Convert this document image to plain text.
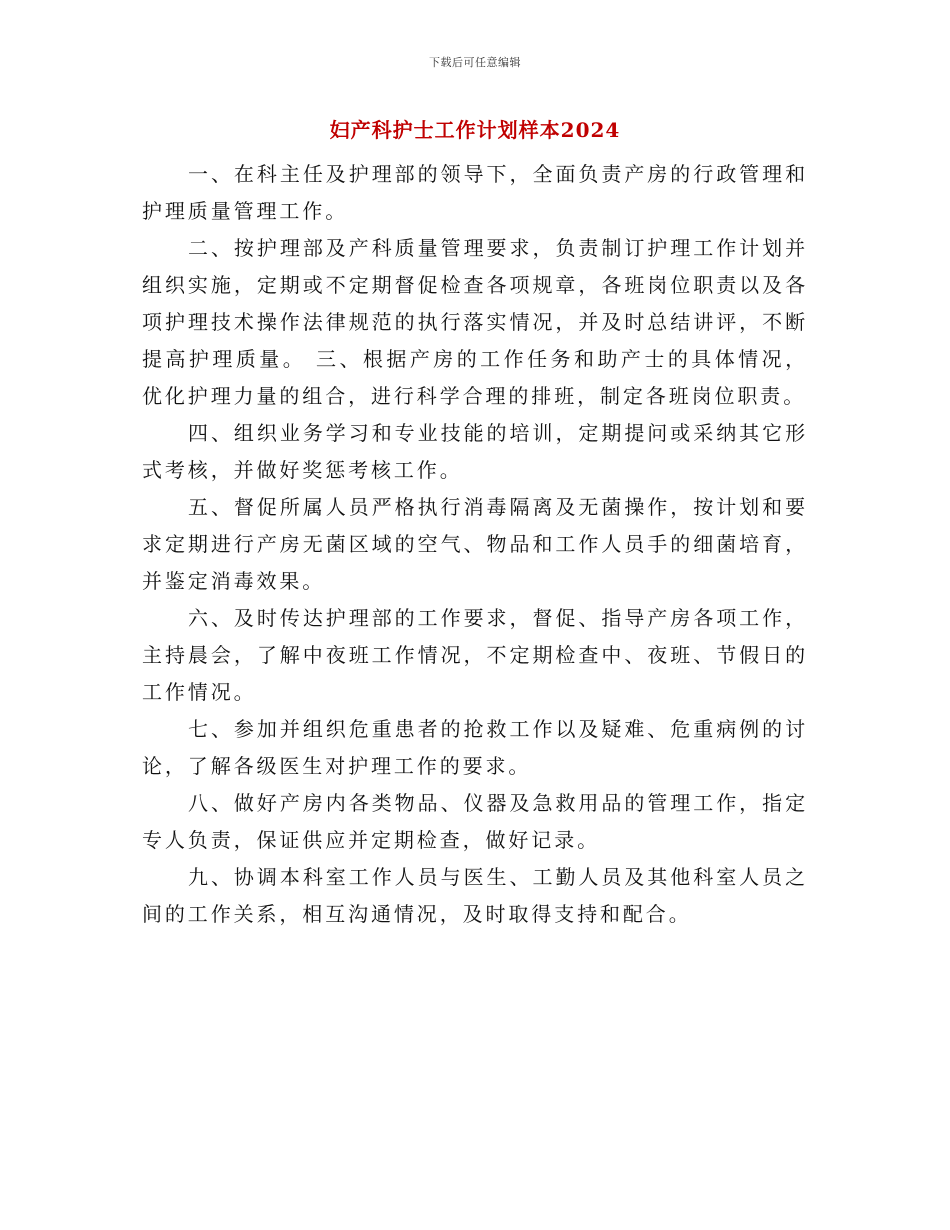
下载后可任意编辑
妇产科护士工作计划样本2024

一、在科主任及护理部的领导下，全面负责产房的行政管理和护理质量管理工作。

二、按护理部及产科质量管理要求，负责制订护理工作计划并组织实施，定期或不定期督促检查各项规章，各班岗位职责以及各项护理技术操作法律规范的执行落实情况，并及时总结讲评，不断提高护理质量。 三、根据产房的工作任务和助产士的具体情况，优化护理力量的组合，进行科学合理的排班，制定各班岗位职责。

四、组织业务学习和专业技能的培训，定期提问或采纳其它形式考核，并做好奖惩考核工作。

五、督促所属人员严格执行消毒隔离及无菌操作，按计划和要求定期进行产房无菌区域的空气、物品和工作人员手的细菌培育，并鉴定消毒效果。

六、及时传达护理部的工作要求，督促、指导产房各项工作，主持晨会，了解中夜班工作情况，不定期检查中、夜班、节假日的工作情况。

七、参加并组织危重患者的抢救工作以及疑难、危重病例的讨论，了解各级医生对护理工作的要求。

八、做好产房内各类物品、仪器及急救用品的管理工作，指定专人负责，保证供应并定期检查，做好记录。

九、协调本科室工作人员与医生、工勤人员及其他科室人员之间的工作关系，相互沟通情况，及时取得支持和配合。
